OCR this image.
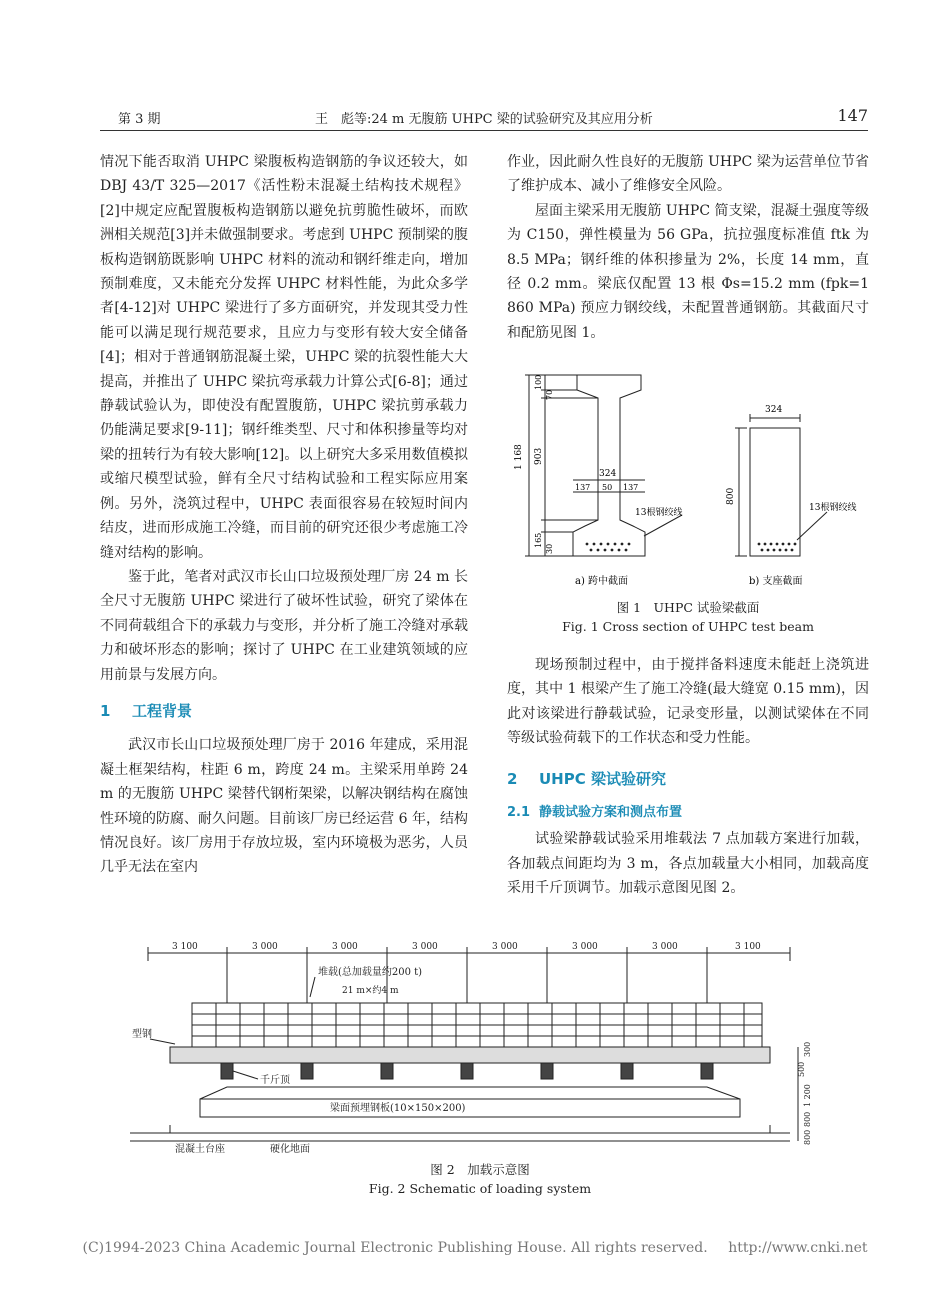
第 3 期	王　彪等:24 m 无腹筋 UHPC 梁的试验研究及其应用分析	147

情况下能否取消 UHPC 梁腹板构造钢筋的争议还较大，如 DBJ 43/T 325—2017《活性粉末混凝土结构技术规程》[2]中规定应配置腹板构造钢筋以避免抗剪脆性破坏，而欧洲相关规范[3]并未做强制要求。考虑到 UHPC 预制梁的腹板构造钢筋既影响 UHPC 材料的流动和钢纤维走向，增加预制难度，又未能充分发挥 UHPC 材料性能，为此众多学者[4-12]对 UHPC 梁进行了多方面研究，并发现其受力性能可以满足现行规范要求，且应力与变形有较大安全储备[4]；相对于普通钢筋混凝土梁，UHPC 梁的抗裂性能大大提高，并推出了 UHPC 梁抗弯承载力计算公式[6-8]；通过静载试验认为，即使没有配置腹筋，UHPC 梁抗剪承载力仍能满足要求[9-11]；钢纤维类型、尺寸和体积掺量等均对梁的扭转行为有较大影响[12]。以上研究大多采用数值模拟或缩尺模型试验，鲜有全尺寸结构试验和工程实际应用案例。另外，浇筑过程中，UHPC 表面很容易在较短时间内结皮，进而形成施工冷缝，而目前的研究还很少考虑施工冷缝对结构的影响。

鉴于此，笔者对武汉市长山口垃圾预处理厂房 24 m 长全尺寸无腹筋 UHPC 梁进行了破坏性试验，研究了梁体在不同荷载组合下的承载力与变形，并分析了施工冷缝对承载力和破坏形态的影响；探讨了 UHPC 在工业建筑领域的应用前景与发展方向。

1 工程背景

武汉市长山口垃圾预处理厂房于 2016 年建成，采用混凝土框架结构，柱距 6 m，跨度 24 m。主梁采用单跨 24 m 的无腹筋 UHPC 梁替代钢桁架梁，以解决钢结构在腐蚀性环境的防腐、耐久问题。目前该厂房已经运营 6 年，结构情况良好。该厂房用于存放垃圾，室内环境极为恶劣，人员几乎无法在室内

作业，因此耐久性良好的无腹筋 UHPC 梁为运营单位节省了维护成本、减小了维修安全风险。

屋面主梁采用无腹筋 UHPC 简支梁，混凝土强度等级为 C150，弹性模量为 56 GPa，抗拉强度标准值 ftk 为 8.5 MPa；钢纤维的体积掺量为 2%，长度 14 mm，直径 0.2 mm。梁底仅配置 13 根 Φs=15.2 mm (fpk=1 860 MPa) 预应力钢绞线，未配置普通钢筋。其截面尺寸和配筋见图 1。

1 168 903
100
70
165
30
324
137 50 137
13根钢绞线
a) 跨中截面
324
800
13根钢绞线
b) 支座截面
图 1　UHPC 试验梁截面
Fig. 1 Cross section of UHPC test beam

现场预制过程中，由于搅拌备料速度未能赶上浇筑进度，其中 1 根梁产生了施工冷缝(最大缝宽 0.15 mm)，因此对该梁进行静载试验，记录变形量，以测试梁体在不同等级试验荷载下的工作状态和受力性能。

2 UHPC 梁试验研究
2.1 静载试验方案和测点布置

试验梁静载试验采用堆载法 7 点加载方案进行加载，各加载点间距均为 3 m，各点加载量大小相同，加载高度采用千斤顶调节。加载示意图见图 2。

3 100	3 000	3 000	3 000	3 000	3 000	3 000	3 100
堆载(总加载量约200 t)
21 m×约4 m
型钢
千斤顶
梁面预埋钢板(10×150×200)
混凝土台座	硬化地面
300
500
1 200
800
800
图 2　加载示意图
Fig. 2 Schematic of loading system
(C)1994-2023 China Academic Journal Electronic Publishing House. All rights reserved. http://www.cnki.net
